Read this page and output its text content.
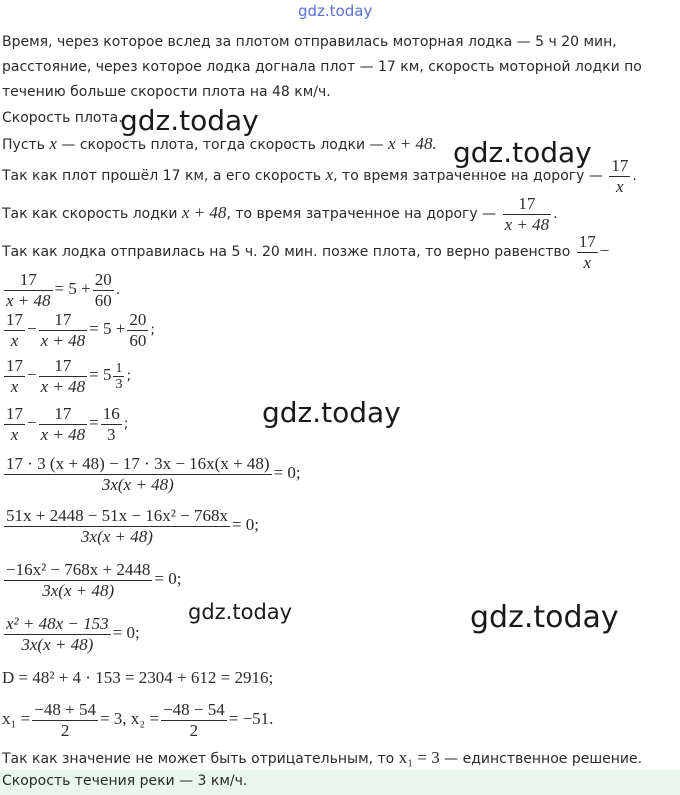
gdz.today
gdz.today
gdz.today
gdz.today
gdz.today	gdz.today
Время, через которое вслед за плотом отправилась моторная лодка — 5 ч 20 мин,
расстояние, через которое лодка догнала плот — 17 км, скорость моторной лодки по
течению больше скорости плота на 48 км/ч.
Скорость плота.
Пусть x — скорость плота, тогда скорость лодки — x + 48.
Так как плот прошёл 17 км, а его скорость x, то время затраченное на дорогу — $\frac{17}{x}$ .
Так как скорость лодки x + 48, то время затраченное на дорогу — $\frac{17}{x + 48}$ .
Так как лодка отправилась на 5 ч. 20 мин. позже плота, то верно равенство $\frac{17}{x}$ −
$\frac{17}{x + 48} = 5 + \frac{20}{60}$ .
$\frac{17}{x} - \frac{17}{x + 48} = 5 + \frac{20}{60}$ ;
$\frac{17}{x} - \frac{17}{x + 48} = 5 \frac{1}{3}$ ;
$\frac{17}{x} - \frac{17}{x + 48} = \frac{16}{3}$ ;
$\frac{17 \cdot 3 (x + 48) - 17 \cdot 3x - 16x(x + 48)}{3x(x + 48)} = 0$;
$\frac{\text{51x + 2448 − 51x − 16x² − 768x}}{3x(x + 48)} = 0$;
$\frac{\text{−16x² − 768x + 2448}}{3x(x + 48)} = 0$;
$\frac{\text{x² + 48x − 153}}{3x(x + 48)} = 0$;
D = 48² + 4 · 153 = 2304 + 612 = 2916;
$x_1 = \frac{-48 + 54}{2} = 3$, $x_2 = \frac{-48 - 54}{2} = -51$.
Так как значение не может быть отрицательным, то x₁ = 3 — единственное решение.
Скорость течения реки — 3 км/ч.
